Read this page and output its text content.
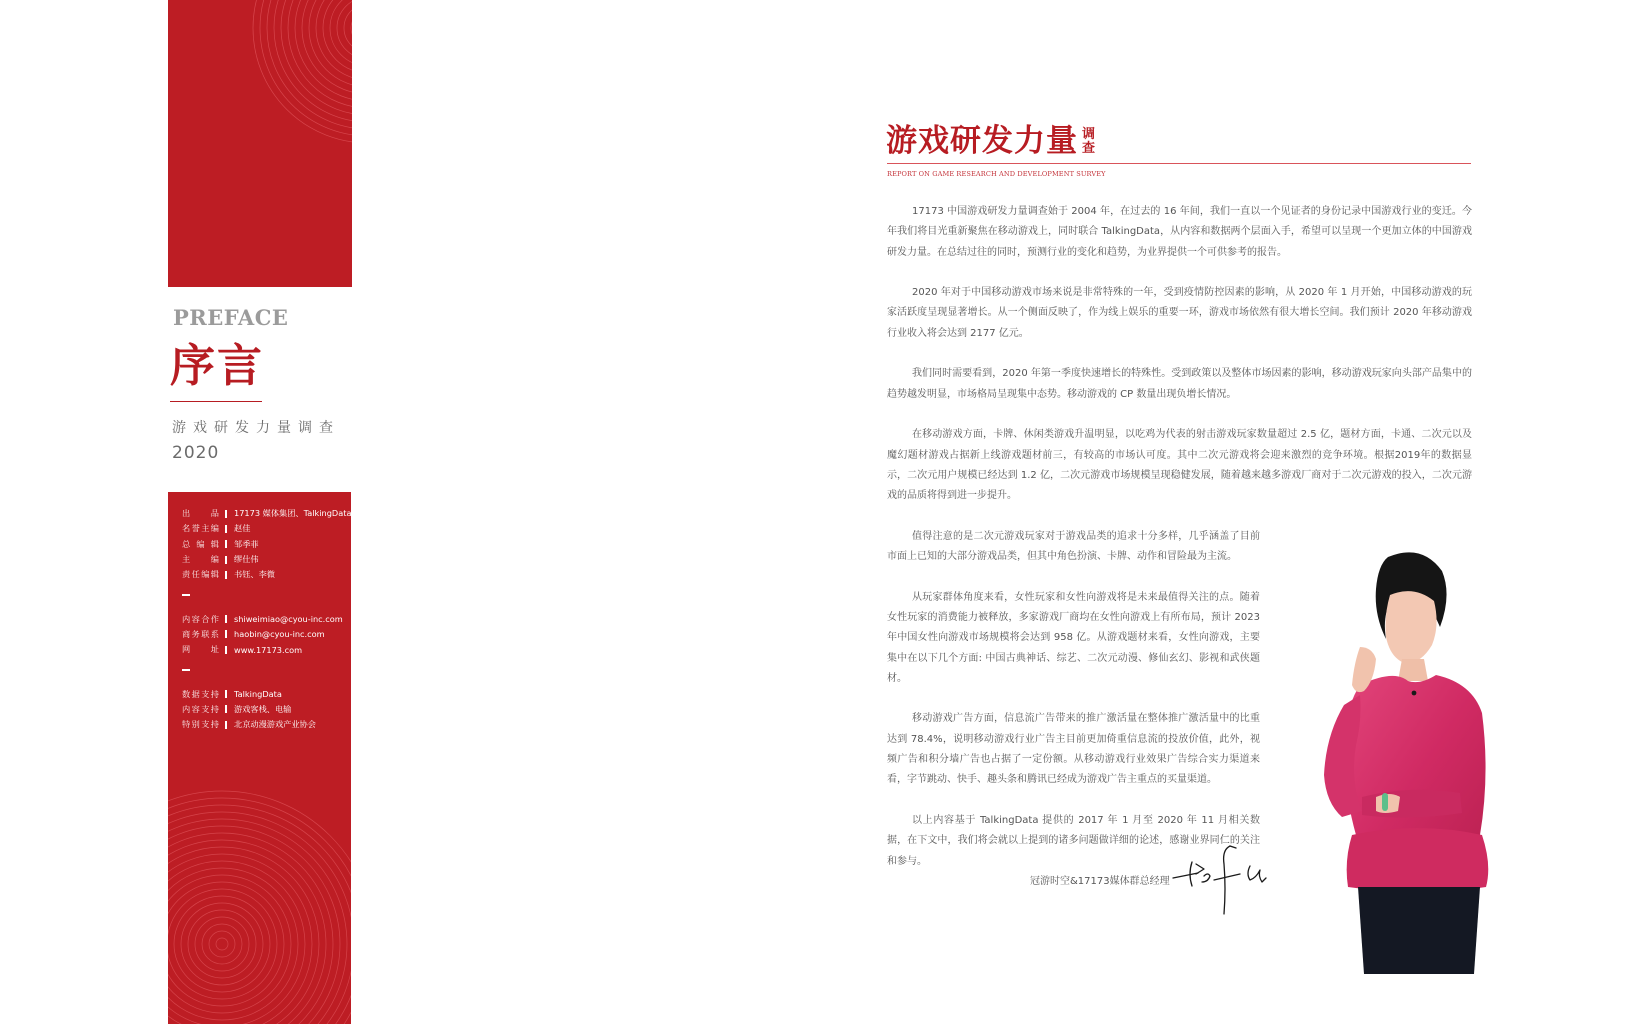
PREFACE
序言
游戏研发力量调查
2020
出品 17173 媒体集团、TalkingData
名誉主编 赵佳
总编辑 邹季菲
主编 缪仕伟
责任编辑 书钰、李微
内容合作 shiweimiao@cyou-inc.com
商务联系 haobin@cyou-inc.com
网址 www.17173.com
数据支持 TalkingData
内容支持 游戏客栈、电输
特别支持 北京动漫游戏产业协会
游戏研发力量 调
查
REPORT ON GAME RESEARCH AND DEVELOPMENT SURVEY

17173 中国游戏研发力量调查始于 2004 年，在过去的 16 年间，我们一直以一个见证者的身份记录中国游戏行业的变迁。今年我们将目光重新聚焦在移动游戏上，同时联合 TalkingData，从内容和数据两个层面入手，希望可以呈现一个更加立体的中国游戏研发力量。在总结过往的同时，预测行业的变化和趋势，为业界提供一个可供参考的报告。

2020 年对于中国移动游戏市场来说是非常特殊的一年，受到疫情防控因素的影响，从 2020 年 1 月开始，中国移动游戏的玩家活跃度呈现显著增长。从一个侧面反映了，作为线上娱乐的重要一环，游戏市场依然有很大增长空间。我们预计 2020 年移动游戏行业收入将会达到 2177 亿元。

我们同时需要看到，2020 年第一季度快速增长的特殊性。受到政策以及整体市场因素的影响，移动游戏玩家向头部产品集中的趋势越发明显，市场格局呈现集中态势。移动游戏的 CP 数量出现负增长情况。

在移动游戏方面，卡牌、休闲类游戏升温明显，以吃鸡为代表的射击游戏玩家数量超过 2.5 亿，题材方面，卡通、二次元以及魔幻题材游戏占据新上线游戏题材前三，有较高的市场认可度。其中二次元游戏将会迎来激烈的竞争环境。根据2019年的数据显示，二次元用户规模已经达到 1.2 亿，二次元游戏市场规模呈现稳健发展，随着越来越多游戏厂商对于二次元游戏的投入，二次元游戏的品质将得到进一步提升。

值得注意的是二次元游戏玩家对于游戏品类的追求十分多样，几乎涵盖了目前市面上已知的大部分游戏品类，但其中角色扮演、卡牌、动作和冒险最为主流。

从玩家群体角度来看，女性玩家和女性向游戏将是未来最值得关注的点。随着女性玩家的消费能力被释放，多家游戏厂商均在女性向游戏上有所布局，预计 2023 年中国女性向游戏市场规模将会达到 958 亿。从游戏题材来看，女性向游戏，主要集中在以下几个方面: 中国古典神话、综艺、二次元动漫、修仙玄幻、影视和武侠题材。

移动游戏广告方面，信息流广告带来的推广激活量在整体推广激活量中的比重达到 78.4%，说明移动游戏行业广告主目前更加倚重信息流的投放价值，此外，视频广告和积分墙广告也占据了一定份额。从移动游戏行业效果广告综合实力渠道来看，字节跳动、快手、趣头条和腾讯已经成为游戏广告主重点的买量渠道。

以上内容基于 TalkingData 提供的 2017 年 1 月至 2020 年 11 月相关数据，在下文中，我们将会就以上提到的诸多问题做详细的论述，感谢业界同仁的关注和参与。

冠游时空&17173媒体群总经理
